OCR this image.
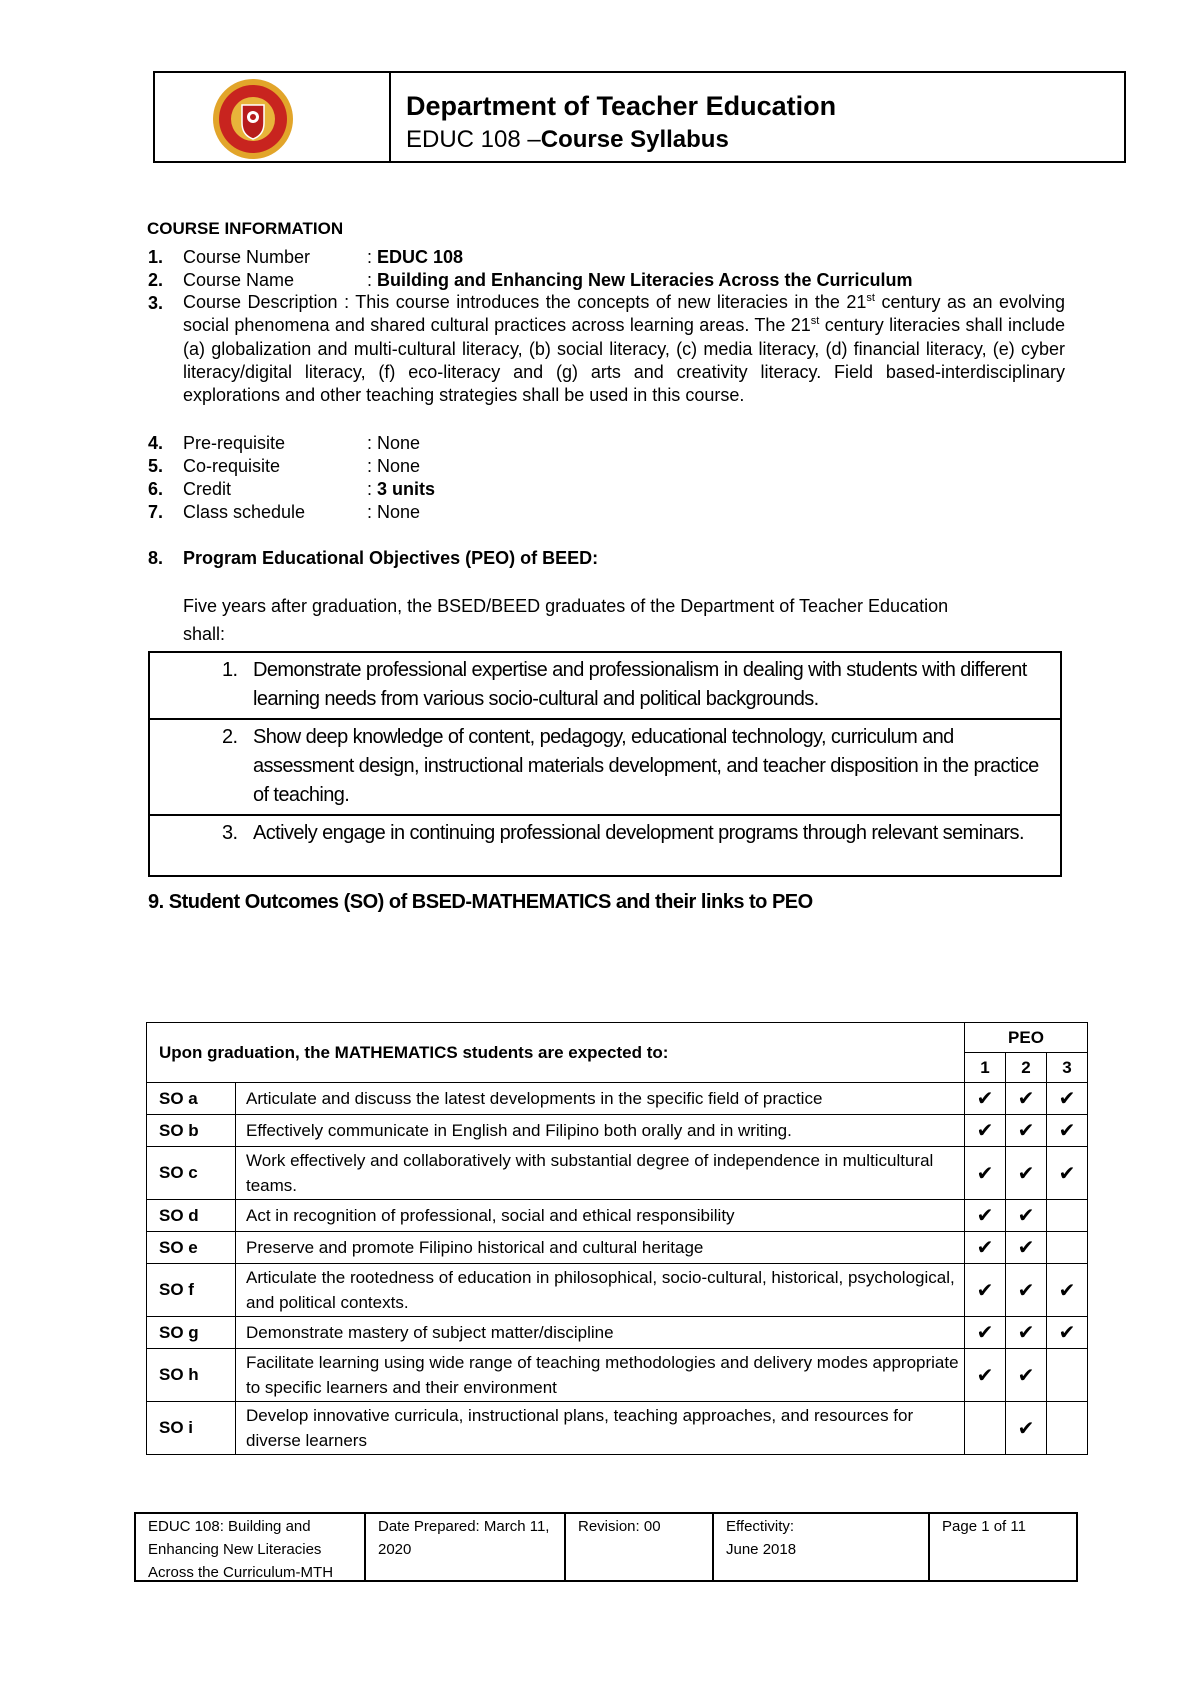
Department of Teacher Education
EDUC 108 –Course Syllabus
COURSE INFORMATION
1. Course Number	: EDUC 108
2. Course Name	: Building and Enhancing New Literacies Across the Curriculum
3. Course Description : This course introduces the concepts of new literacies in the 21st century as an evolving social phenomena and shared cultural practices across learning areas. The 21st century literacies shall include (a) globalization and multi-cultural literacy, (b) social literacy, (c) media literacy, (d) financial literacy, (e) cyber literacy/digital literacy, (f) eco-literacy and (g) arts and creativity literacy. Field based-interdisciplinary explorations and other teaching strategies shall be used in this course.
4. Pre-requisite	: None
5. Co-requisite	: None
6. Credit	: 3 units
7. Class schedule	: None
8. Program Educational Objectives (PEO) of BEED:
Five years after graduation, the BSED/BEED graduates of the Department of Teacher Education
shall:
1. Demonstrate professional expertise and professionalism in dealing with students with different learning needs from various socio-cultural and political backgrounds.

2. Show deep knowledge of content, pedagogy, educational technology, curriculum and assessment design, instructional materials development, and teacher disposition in the practice of teaching.

3. Actively engage in continuing professional development programs through relevant seminars.
9. Student Outcomes (SO) of BSED-MATHEMATICS and their links to PEO
Upon graduation, the MATHEMATICS students are expected to:		PEO		
		1	2	3
SO a	Articulate and discuss the latest developments in the specific field of practice	✔	✔	✔
SO b	Effectively communicate in English and Filipino both orally and in writing.	✔	✔	✔
SO c	Work effectively and collaboratively with substantial degree of independence in multicultural teams.	✔	✔	✔
SO d	Act in recognition of professional, social and ethical responsibility	✔	✔	
SO e	Preserve and promote Filipino historical and cultural heritage	✔	✔	
SO f	Articulate the rootedness of education in philosophical, socio-cultural, historical, psychological, and political contexts.	✔	✔	✔
SO g	Demonstrate mastery of subject matter/discipline	✔	✔	✔
SO h	Facilitate learning using wide range of teaching methodologies and delivery modes appropriate to specific learners and their environment	✔	✔	
SO i	Develop innovative curricula, instructional plans, teaching approaches, and resources for diverse learners		✔	
EDUC 108: Building and Enhancing New Literacies Across the Curriculum-MTH
Date Prepared: March 11, 2020
Revision: 00	Effectivity:
June 2018
Page 1 of 11
